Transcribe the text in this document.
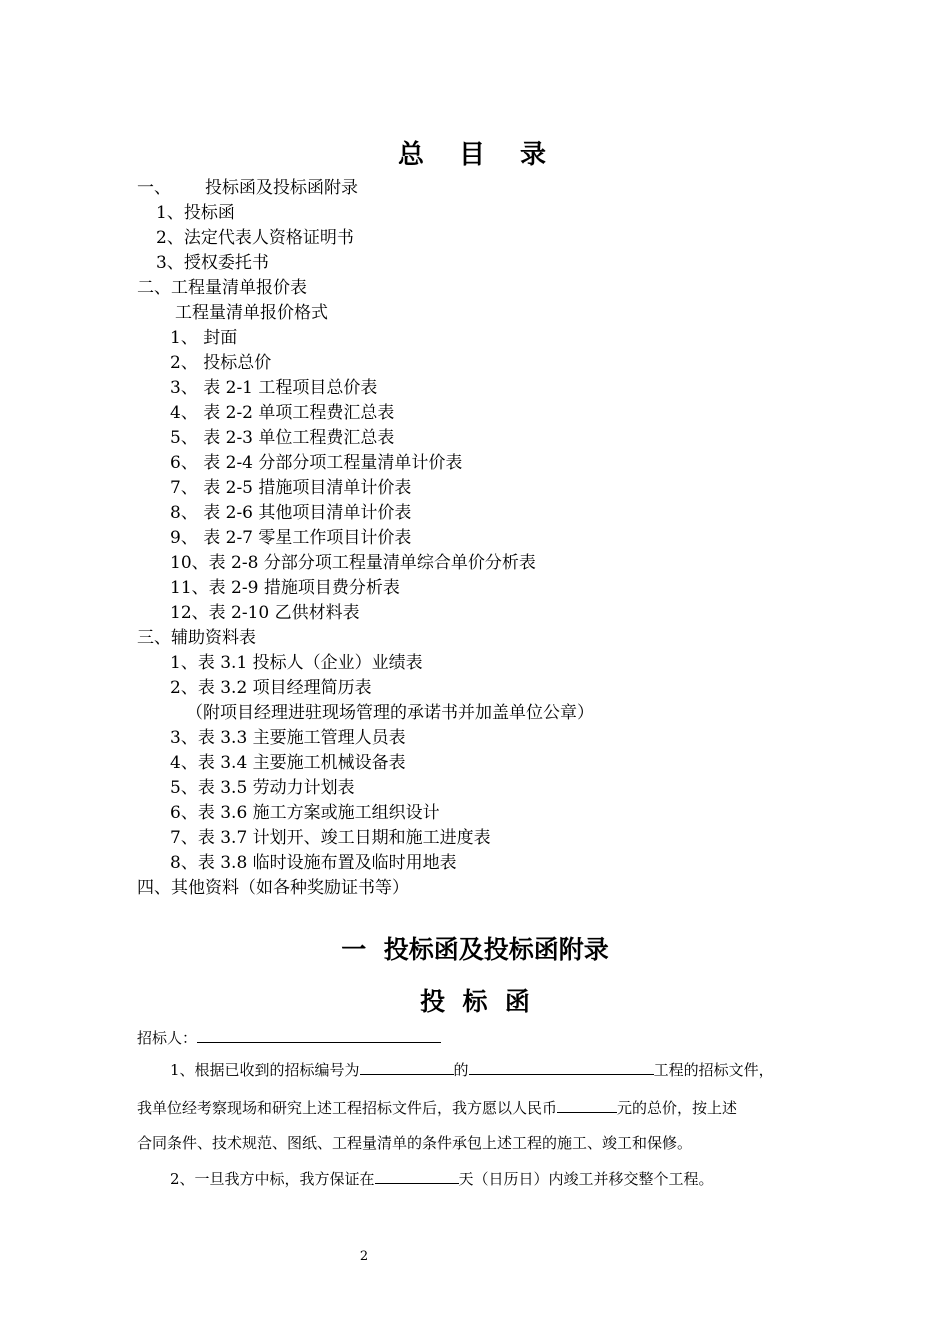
总 目 录
一、 投标函及投标函附录
1、投标函
2、法定代表人资格证明书
3、授权委托书
二、工程量清单报价表
工程量清单报价格式
1、 封面
2、 投标总价
3、 表 2-1 工程项目总价表
4、 表 2-2 单项工程费汇总表
5、 表 2-3 单位工程费汇总表
6、 表 2-4 分部分项工程量清单计价表
7、 表 2-5 措施项目清单计价表
8、 表 2-6 其他项目清单计价表
9、 表 2-7 零星工作项目计价表
10、表 2-8 分部分项工程量清单综合单价分析表
11、表 2-9 措施项目费分析表
12、表 2-10 乙供材料表
三、辅助资料表
1、表 3.1 投标人（企业）业绩表
2、表 3.2 项目经理简历表
（附项目经理进驻现场管理的承诺书并加盖单位公章）
3、表 3.3 主要施工管理人员表
4、表 3.4 主要施工机械设备表
5、表 3.5 劳动力计划表
6、表 3.6 施工方案或施工组织设计
7、表 3.7 计划开、竣工日期和施工进度表
8、表 3.8 临时设施布置及临时用地表
四、其他资料（如各种奖励证书等）
一  投标函及投标函附录
投  标  函
招标人：
1、根据已收到的招标编号为	的	工程的招标文件，
我单位经考察现场和研究上述工程招标文件后，我方愿以人民币	元的总价，按上述
合同条件、技术规范、图纸、工程量清单的条件承包上述工程的施工、竣工和保修。
2、一旦我方中标，我方保证在	天（日历日）内竣工并移交整个工程。
2
